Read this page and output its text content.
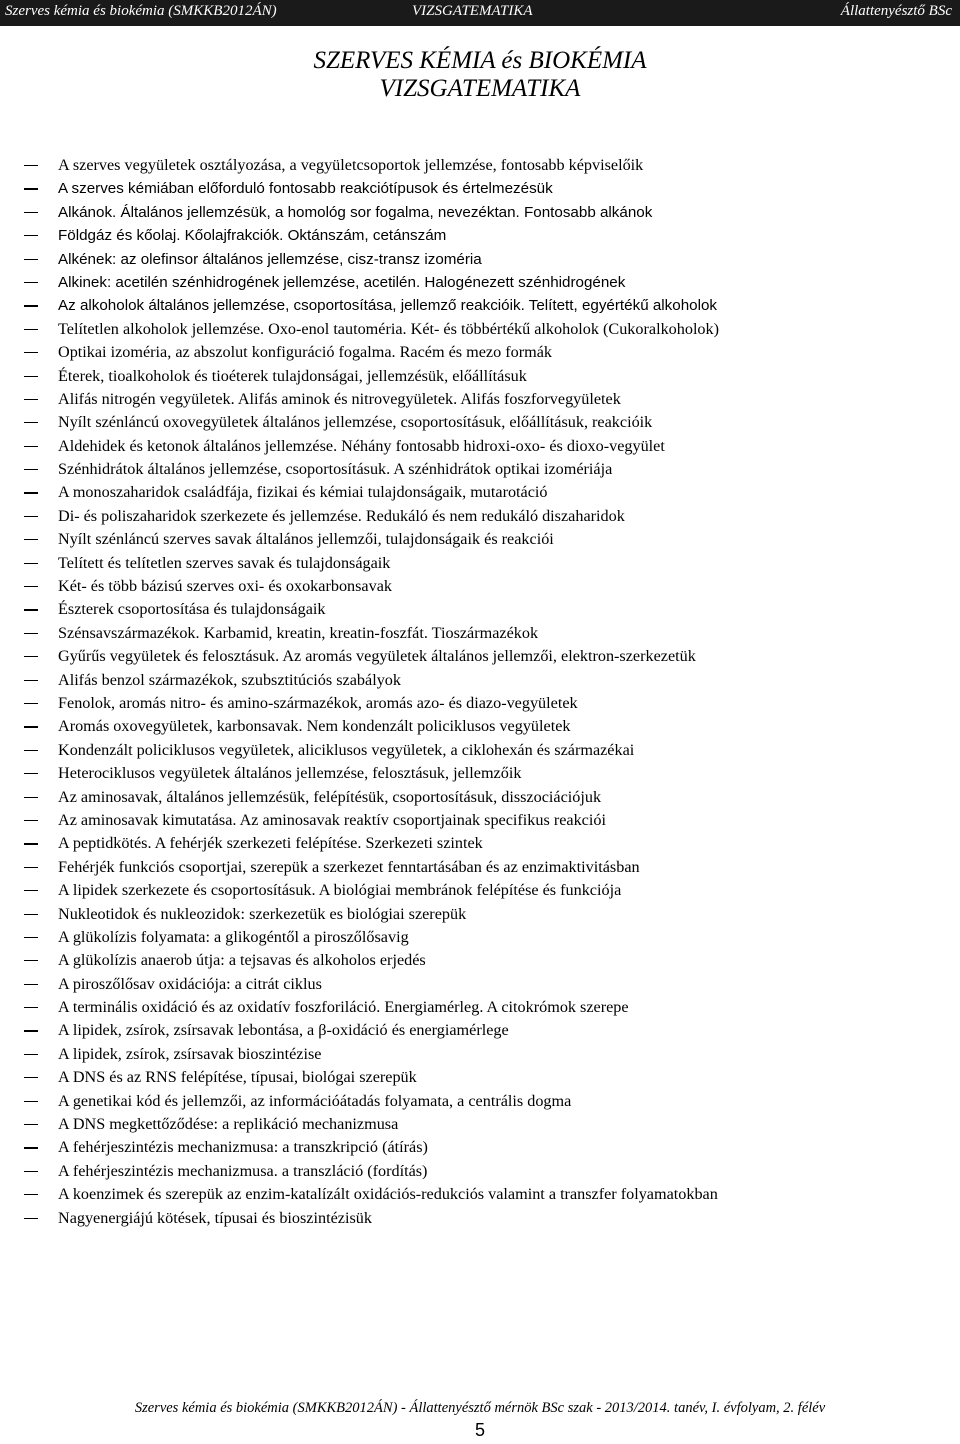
Szerves kémia és biokémia (SMKKB2012ÁN)	VIZSGATEMATIKA	Állattenyésztő BSc
SZERVES KÉMIA és BIOKÉMIA
VIZSGATEMATIKA
A szerves vegyületek osztályozása, a vegyületcsoportok jellemzése, fontosabb képviselőik
A szerves kémiában előforduló fontosabb reakciótípusok és értelmezésük
Alkánok. Általános jellemzésük, a homológ sor fogalma, nevezéktan. Fontosabb alkánok
Földgáz és kőolaj. Kőolajfrakciók. Oktánszám, cetánszám
Alkének: az olefinsor általános jellemzése, cisz-transz izoméria
Alkinek: acetilén szénhidrogének jellemzése, acetilén. Halogénezett szénhidrogének
Az alkoholok általános jellemzése, csoportosítása, jellemző reakcióik. Telített, egyértékű alkoholok
Telítetlen alkoholok jellemzése. Oxo-enol tautoméria. Két- és többértékű alkoholok (Cukoralkoholok)
Optikai izoméria, az abszolut konfiguráció fogalma. Racém és mezo formák
Éterek, tioalkoholok és tioéterek tulajdonságai, jellemzésük, előállításuk
Alifás nitrogén vegyületek. Alifás aminok és nitrovegyületek. Alifás foszforvegyületek
Nyílt szénláncú oxovegyületek általános jellemzése, csoportosításuk, előállításuk, reakcióik
Aldehidek és ketonok általános jellemzése. Néhány fontosabb hidroxi-oxo- és dioxo-vegyület
Szénhidrátok általános jellemzése, csoportosításuk. A szénhidrátok optikai izomériája
A monoszaharidok családfája, fizikai és kémiai tulajdonságaik, mutarotáció
Di- és poliszaharidok szerkezete és jellemzése. Redukáló és nem redukáló diszaharidok
Nyílt szénláncú szerves savak általános jellemzői, tulajdonságaik és reakciói
Telített és telítetlen szerves savak és tulajdonságaik
Két- és több bázisú szerves oxi- és oxokarbonsavak
Észterek csoportosítása és tulajdonságaik
Szénsavszármazékok. Karbamid, kreatin, kreatin-foszfát. Tioszármazékok
Gyűrűs vegyületek és felosztásuk. Az aromás vegyületek általános jellemzői, elektron-szerkezetük
Alifás benzol származékok, szubsztitúciós szabályok
Fenolok, aromás nitro- és amino-származékok, aromás azo- és diazo-vegyületek
Aromás oxovegyületek, karbonsavak. Nem kondenzált policiklusos vegyületek
Kondenzált policiklusos vegyületek, aliciklusos vegyületek, a ciklohexán és származékai
Heterociklusos vegyületek általános jellemzése, felosztásuk, jellemzőik
Az aminosavak, általános jellemzésük, felépítésük, csoportosításuk, disszociációjuk
Az aminosavak kimutatása. Az aminosavak reaktív csoportjainak specifikus reakciói
A peptidkötés. A fehérjék szerkezeti felépítése. Szerkezeti szintek
Fehérjék funkciós csoportjai, szerepük a szerkezet fenntartásában és az enzimaktivitásban
A lipidek szerkezete és csoportosításuk. A biológiai membránok felépítése és funkciója
Nukleotidok és nukleozidok: szerkezetük es biológiai szerepük
A glükolízis folyamata: a glikogéntől a piroszőlősavig
A glükolízis anaerob útja: a tejsavas és alkoholos erjedés
A piroszőlősav oxidációja: a citrát ciklus
A terminális oxidáció és az oxidatív foszforiláció. Energiamérleg. A citokrómok szerepe
A lipidek, zsírok, zsírsavak lebontása, a β-oxidáció és energiamérlege
A lipidek, zsírok, zsírsavak bioszintézise
A DNS és az RNS felépítése, típusai, biológai szerepük
A genetikai kód és jellemzői, az információátadás folyamata, a centrális dogma
A DNS megkettőződése: a replikáció mechanizmusa
A fehérjeszintézis mechanizmusa: a transzkripció (átírás)
A fehérjeszintézis mechanizmusa. a transzláció (fordítás)
A koenzimek és szerepük az enzim-katalízált oxidációs-redukciós valamint a transzfer folyamatokban
Nagyenergiájú kötések, típusai és bioszintézisük
Szerves kémia és biokémia (SMKKB2012ÁN) - Állattenyésztő mérnök BSc szak - 2013/2014. tanév, I. évfolyam, 2. félév
5
